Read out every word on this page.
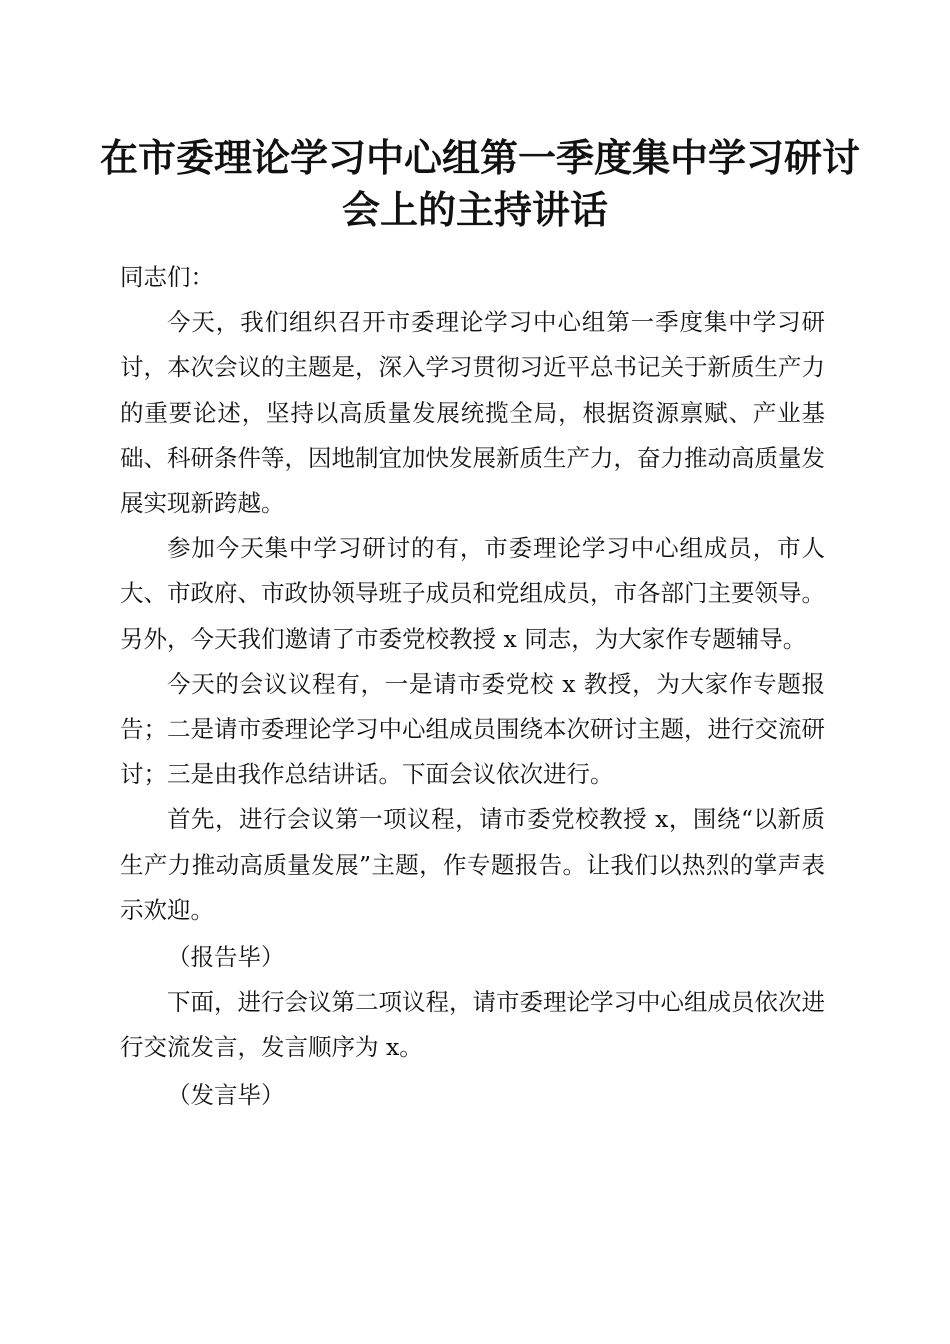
在市委理论学习中心组第一季度集中学习研讨
会上的主持讲话

同志们：

今天，我们组织召开市委理论学习中心组第一季度集中学习研讨，本次会议的主题是，深入学习贯彻习近平总书记关于新质生产力的重要论述，坚持以高质量发展统揽全局，根据资源禀赋、产业基础、科研条件等，因地制宜加快发展新质生产力，奋力推动高质量发展实现新跨越。

参加今天集中学习研讨的有，市委理论学习中心组成员，市人大、市政府、市政协领导班子成员和党组成员，市各部门主要领导。另外，今天我们邀请了市委党校教授 x 同志，为大家作专题辅导。

今天的会议议程有，一是请市委党校 x 教授，为大家作专题报告；二是请市委理论学习中心组成员围绕本次研讨主题，进行交流研讨；三是由我作总结讲话。下面会议依次进行。

首先，进行会议第一项议程，请市委党校教授 x，围绕“以新质生产力推动高质量发展”主题，作专题报告。让我们以热烈的掌声表示欢迎。

（报告毕）

下面，进行会议第二项议程，请市委理论学习中心组成员依次进行交流发言，发言顺序为 x。

（发言毕）
